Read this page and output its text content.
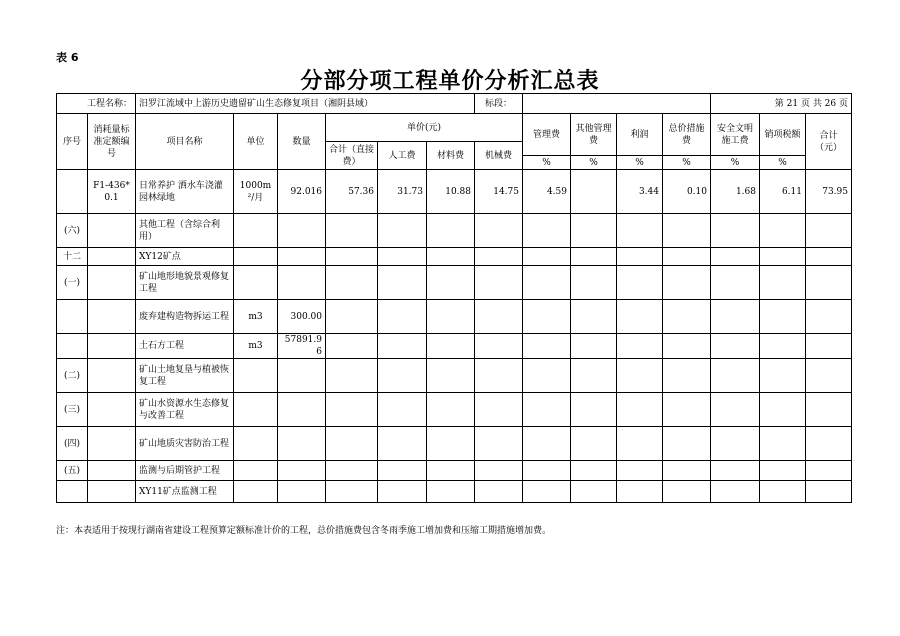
表 6
分部分项工程单价分析汇总表
工程名称：		汨罗江流域中上游历史遗留矿山生态修复项目（湘阴县域）						标段：					第 21 页 共 26 页		
序号	消耗量标准定额编号	项目名称	单位	数量	单价(元)				管理费	其他管理费	利润	总价措施费	安全文明施工费	销项税额	合计（元）
					合计（直接费）	人工费	材料费	机械费							
									%	%	%	%	%	%	
	F1-436*0.1	日常养护 洒水车浇灌园林绿地	1000m²/月	92.016	57.36	31.73	10.88	14.75	4.59		3.44	0.10	1.68	6.11	73.95
(六)		其他工程（含综合利用）													
十二		XY12矿点													
(一)		矿山地形地貌景观修复工程													
		废弃建构造物拆运工程	m3	300.00											
		土石方工程	m3	57891.96											
(二)		矿山土地复垦与植被恢复工程													
(三)		矿山水资源水生态修复与改善工程													
(四)		矿山地质灾害防治工程													
(五)		监测与后期管护工程													
		XY11矿点监测工程													
注：本表适用于按现行湖南省建设工程预算定额标准计价的工程，总价措施费包含冬雨季施工增加费和压缩工期措施增加费。
